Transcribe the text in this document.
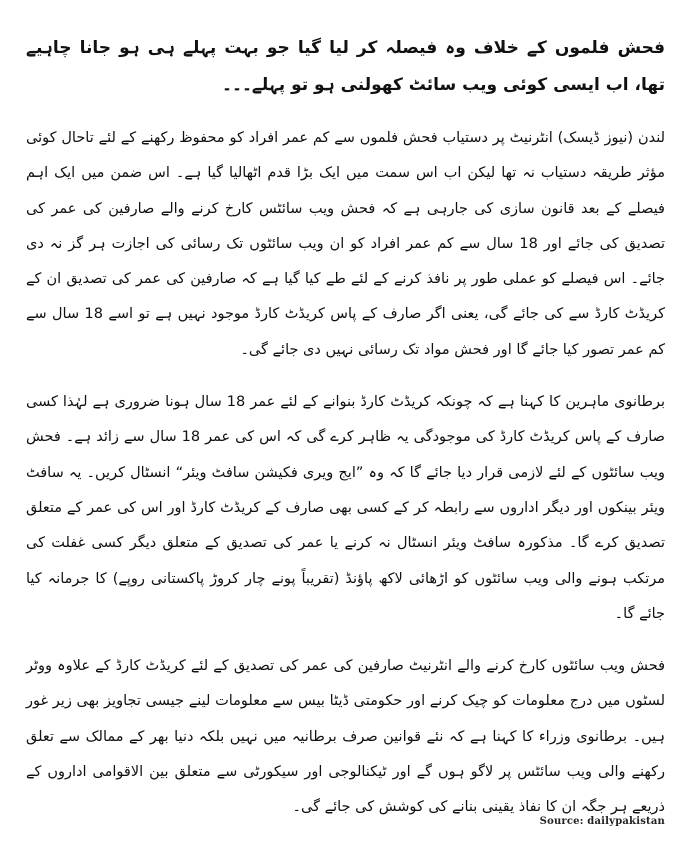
فحش فلموں کے خلاف وہ فیصلہ کر لیا گیا جو بہت پہلے ہی ہو جانا چاہیے تھا، اب ایسی کوئی ویب سائٹ کھولنی ہو تو پہلے۔۔۔

لندن (نیوز ڈیسک) انٹرنیٹ پر دستیاب فحش فلموں سے کم عمر افراد کو محفوظ رکھنے کے لئے تاحال کوئی مؤثر طریقہ دستیاب نہ تھا لیکن اب اس سمت میں ایک بڑا قدم اٹھالیا گیا ہے۔ اس ضمن میں ایک اہم فیصلے کے بعد قانون سازی کی جارہی ہے کہ فحش ویب سائٹس کارخ کرنے والے صارفین کی عمر کی تصدیق کی جائے اور 18 سال سے کم عمر افراد کو ان ویب سائٹوں تک رسائی کی اجازت ہر گز نہ دی جائے۔ اس فیصلے کو عملی طور پر نافذ کرنے کے لئے طے کیا گیا ہے کہ صارفین کی عمر کی تصدیق ان کے کریڈٹ کارڈ سے کی جائے گی، یعنی اگر صارف کے پاس کریڈٹ کارڈ موجود نہیں ہے تو اسے 18 سال سے کم عمر تصور کیا جائے گا اور فحش مواد تک رسائی نہیں دی جائے گی۔

برطانوی ماہرین کا کہنا ہے کہ چونکہ کریڈٹ کارڈ بنوانے کے لئے عمر 18 سال ہونا ضروری ہے لہٰذا کسی صارف کے پاس کریڈٹ کارڈ کی موجودگی یہ ظاہر کرے گی کہ اس کی عمر 18 سال سے زائد ہے۔ فحش ویب سائٹوں کے لئے لازمی قرار دیا جائے گا کہ وہ ”ایج ویری فکیشن سافٹ ویئر“ انسٹال کریں۔ یہ سافٹ ویئر بینکوں اور دیگر اداروں سے رابطہ کر کے کسی بھی صارف کے کریڈٹ کارڈ اور اس کی عمر کے متعلق تصدیق کرے گا۔ مذکورہ سافٹ ویئر انسٹال نہ کرنے یا عمر کی تصدیق کے متعلق دیگر کسی غفلت کی مرتکب ہونے والی ویب سائٹوں کو اڑھائی لاکھ پاؤنڈ (تقریباً پونے چار کروڑ پاکستانی روپے) کا جرمانہ کیا جائے گا۔

فحش ویب سائٹوں کارخ کرنے والے انٹرنیٹ صارفین کی عمر کی تصدیق کے لئے کریڈٹ کارڈ کے علاوہ ووٹر لسٹوں میں درج معلومات کو چیک کرنے اور حکومتی ڈیٹا بیس سے معلومات لینے جیسی تجاویز بھی زیر غور ہیں۔ برطانوی وزراء کا کہنا ہے کہ نئے قوانین صرف برطانیہ میں نہیں بلکہ دنیا بھر کے ممالک سے تعلق رکھنے والی ویب سائٹس پر لاگو ہوں گے اور ٹیکنالوجی اور سیکورٹی سے متعلق بین الاقوامی اداروں کے ذریعے ہر جگہ ان کا نفاذ یقینی بنانے کی کوشش کی جائے گی۔

Source: dailypakistan
